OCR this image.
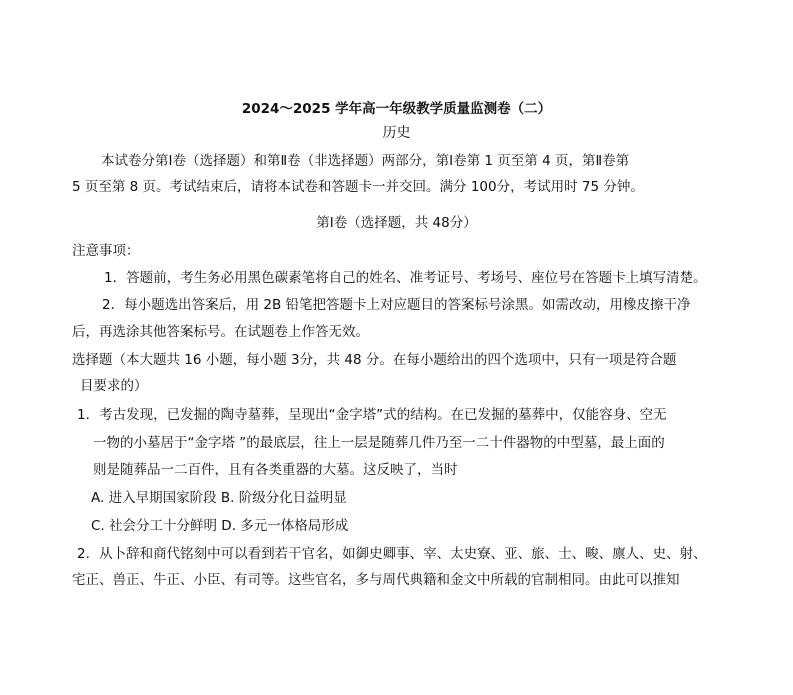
2024～2025 学年高一年级教学质量监测卷（二）
历史
本试卷分第Ⅰ卷（选择题）和第Ⅱ卷（非选择题）两部分，第Ⅰ卷第 1 页至第 4 页，第Ⅱ卷第
5 页至第 8 页。考试结束后，请将本试卷和答题卡一并交回。满分 100分，考试用时 75 分钟。
第Ⅰ卷（选择题，共 48分）
注意事项：
1．答题前，考生务必用黑色碳素笔将自己的姓名、准考证号、考场号、座位号在答题卡上填写清楚。
2．每小题选出答案后，用 2B 铅笔把答题卡上对应题目的答案标号涂黑。如需改动，用橡皮擦干净
后，再选涂其他答案标号。在试题卷上作答无效。
选择题（本大题共 16 小题，每小题 3分，共 48 分。在每小题给出的四个选项中，只有一项是符合题
目要求的）
1．考古发现，已发掘的陶寺墓葬，呈现出“金字塔”式的结构。在已发掘的墓葬中，仅能容身、空无
一物的小墓居于“金字塔 ”的最底层，往上一层是随葬几件乃至一二十件器物的中型墓，最上面的
则是随葬品一二百件，且有各类重器的大墓。这反映了，当时
A. 进入早期国家阶段 B. 阶级分化日益明显
C. 社会分工十分鲜明 D. 多元一体格局形成
2．从卜辞和商代铭刻中可以看到若干官名，如御史卿事、宰、太史寮、亚、旅、士、畯、廪人、史、射、
宅正、兽正、牛正、小臣、有司等。这些官名，多与周代典籍和金文中所载的官制相同。由此可以推知
